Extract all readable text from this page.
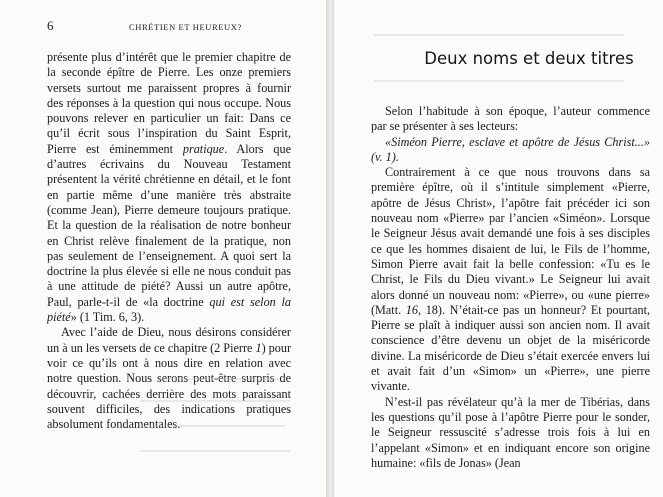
6	CHRÉTIEN ET HEUREUX?

présente plus d’intérêt que le premier chapitre de la seconde épître de Pierre. Les onze premiers versets surtout me paraissent propres à fournir des réponses à la question qui nous occupe. Nous pouvons relever en particulier un fait: Dans ce qu’il écrit sous l’inspiration du Saint Esprit, Pierre est éminemment pratique. Alors que d’autres écrivains du Nouveau Testament présentent la vérité chrétienne en détail, et le font en partie même d’une manière très abstraite (comme Jean), Pierre demeure toujours pratique. Et la question de la réalisation de notre bonheur en Christ relève finalement de la pratique, non pas seulement de l’enseignement. A quoi sert la doctrine la plus élevée si elle ne nous conduit pas à une attitude de piété? Aussi un autre apôtre, Paul, parle-t-il de «la doctrine qui est selon la piété» (1 Tim. 6, 3).

Avec l’aide de Dieu, nous désirons considérer un à un les versets de ce chapitre (2 Pierre 1) pour voir ce qu’ils ont à nous dire en relation avec notre question. Nous serons peut-être surpris de découvrir, cachées derrière des mots paraissant souvent difficiles, des indications pratiques absolument fondamentales.

Deux noms et deux titres

Selon l’habitude à son époque, l’auteur commence par se présenter à ses lecteurs:

«Siméon Pierre, esclave et apôtre de Jésus Christ...» (v. 1).

Contrairement à ce que nous trouvons dans sa première épître, où il s’intitule simplement «Pierre, apôtre de Jésus Christ», l’apôtre fait précéder ici son nouveau nom «Pierre» par l’ancien «Siméon». Lorsque le Seigneur Jésus avait demandé une fois à ses disciples ce que les hommes disaient de lui, le Fils de l’homme, Simon Pierre avait fait la belle confession: «Tu es le Christ, le Fils du Dieu vivant.» Le Seigneur lui avait alors donné un nouveau nom: «Pierre», ou «une pierre» (Matt. 16, 18). N’était-ce pas un honneur? Et pourtant, Pierre se plaît à indiquer aussi son ancien nom. Il avait conscience d’être devenu un objet de la miséricorde divine. La miséricorde de Dieu s’était exercée envers lui et avait fait d’un «Simon» un «Pierre», une pierre vivante.

N’est-il pas révélateur qu’à la mer de Tibérias, dans les questions qu’il pose à l’apôtre Pierre pour le sonder, le Seigneur ressuscité s’adresse trois fois à lui en l’appelant «Simon» et en indiquant encore son origine humaine: «fils de Jonas» (Jean
